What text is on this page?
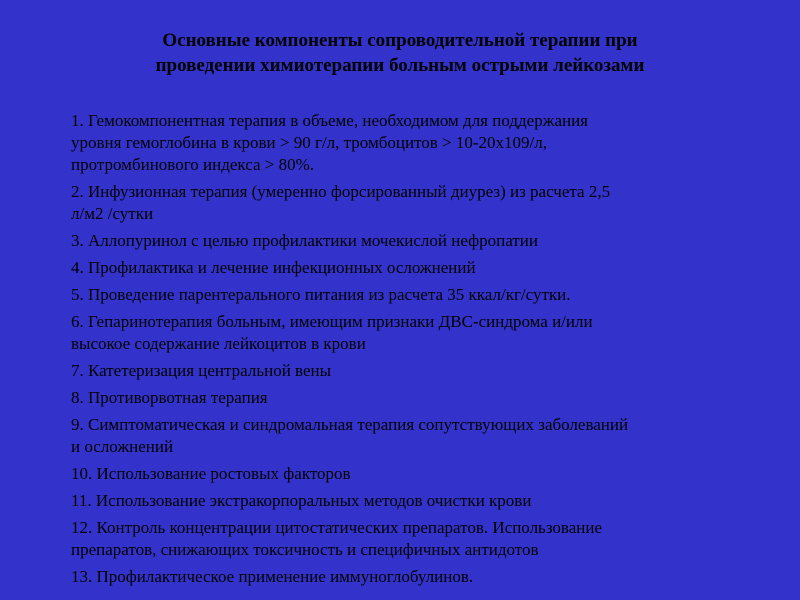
Основные компоненты сопроводительной терапии при
проведении химиотерапии больным острыми лейкозами
1. Гемокомпонентная терапия в объеме, необходимом для поддержания
уровня гемоглобина в крови > 90 г/л, тромбоцитов > 10-20х109/л,
протромбинового индекса > 80%.
2. Инфузионная терапия (умеренно форсированный диурез) из расчета 2,5
л/м2 /сутки
3. Аллопуринол с целью профилактики мочекислой нефропатии
4. Профилактика и лечение инфекционных осложнений
5. Проведение парентерального питания из расчета 35 ккал/кг/сутки.
6. Гепаринотерапия больным, имеющим признаки ДВС-синдрома и/или
высокое содержание лейкоцитов в крови
7. Катетеризация центральной вены
8. Противорвотная терапия
9. Симптоматическая и синдромальная терапия сопутствующих заболеваний
и осложнений
10. Использование ростовых факторов
11. Использование экстракорпоральных методов очистки крови
12. Контроль концентрации цитостатических препаратов. Использование
препаратов, снижающих токсичность и специфичных антидотов
13. Профилактическое применение иммуноглобулинов.
